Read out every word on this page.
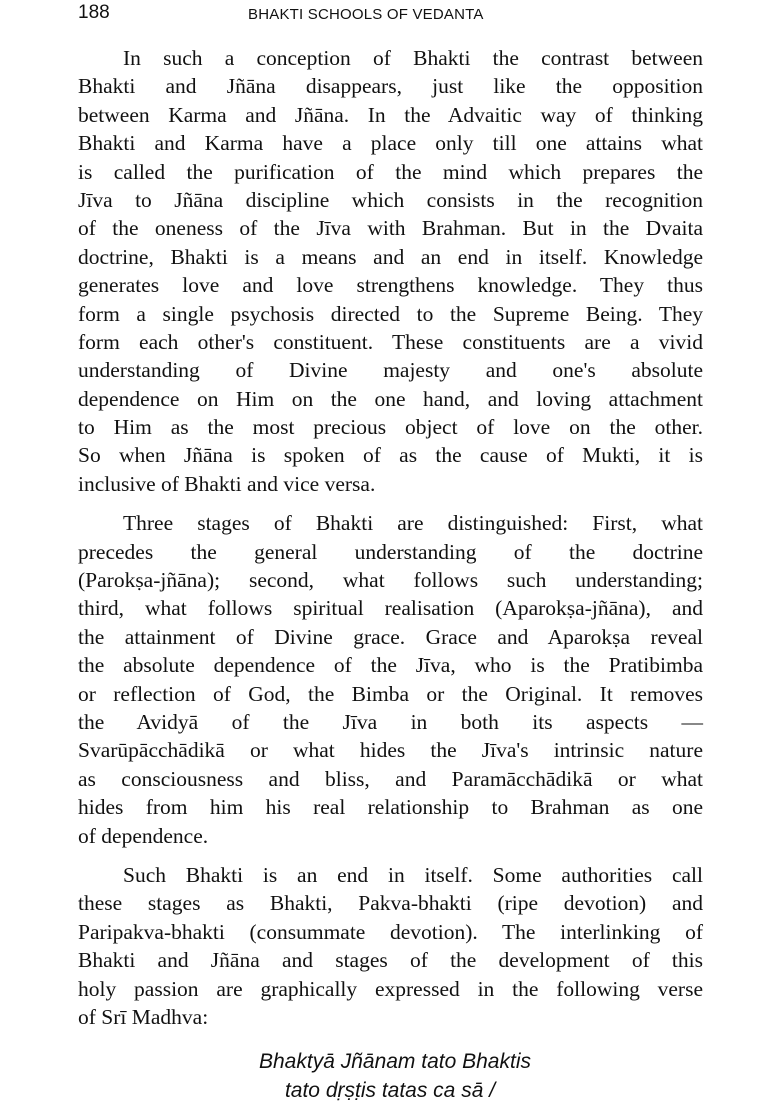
188	BHAKTI SCHOOLS OF VEDANTA
In such a conception of Bhakti the contrast between
Bhakti and Jñāna disappears, just like the opposition
between Karma and Jñāna. In the Advaitic way of thinking
Bhakti and Karma have a place only till one attains what
is called the purification of the mind which prepares the
Jīva to Jñāna discipline which consists in the recognition
of the oneness of the Jīva with Brahman. But in the Dvaita
doctrine, Bhakti is a means and an end in itself. Knowledge
generates love and love strengthens knowledge. They thus
form a single psychosis directed to the Supreme Being. They
form each other's constituent. These constituents are a vivid
understanding of Divine majesty and one's absolute
dependence on Him on the one hand, and loving attachment
to Him as the most precious object of love on the other.
So when Jñāna is spoken of as the cause of Mukti, it is
inclusive of Bhakti and vice versa.
Three stages of Bhakti are distinguished: First, what
precedes the general understanding of the doctrine
(Parokṣa-jñāna); second, what follows such understanding;
third, what follows spiritual realisation (Aparokṣa-jñāna), and
the attainment of Divine grace. Grace and Aparokṣa reveal
the absolute dependence of the Jīva, who is the Pratibimba
or reflection of God, the Bimba or the Original. It removes
the Avidyā of the Jīva in both its aspects —
Svarūpācchādikā or what hides the Jīva's intrinsic nature
as consciousness and bliss, and Paramācchādikā or what
hides from him his real relationship to Brahman as one
of dependence.
Such Bhakti is an end in itself. Some authorities call
these stages as Bhakti, Pakva-bhakti (ripe devotion) and
Paripakva-bhakti (consummate devotion). The interlinking of
Bhakti and Jñāna and stages of the development of this
holy passion are graphically expressed in the following verse
of Srī Madhva:
Bhaktyā Jñānam tato Bhaktis
tato dṛṣṭis tatas ca sā /
